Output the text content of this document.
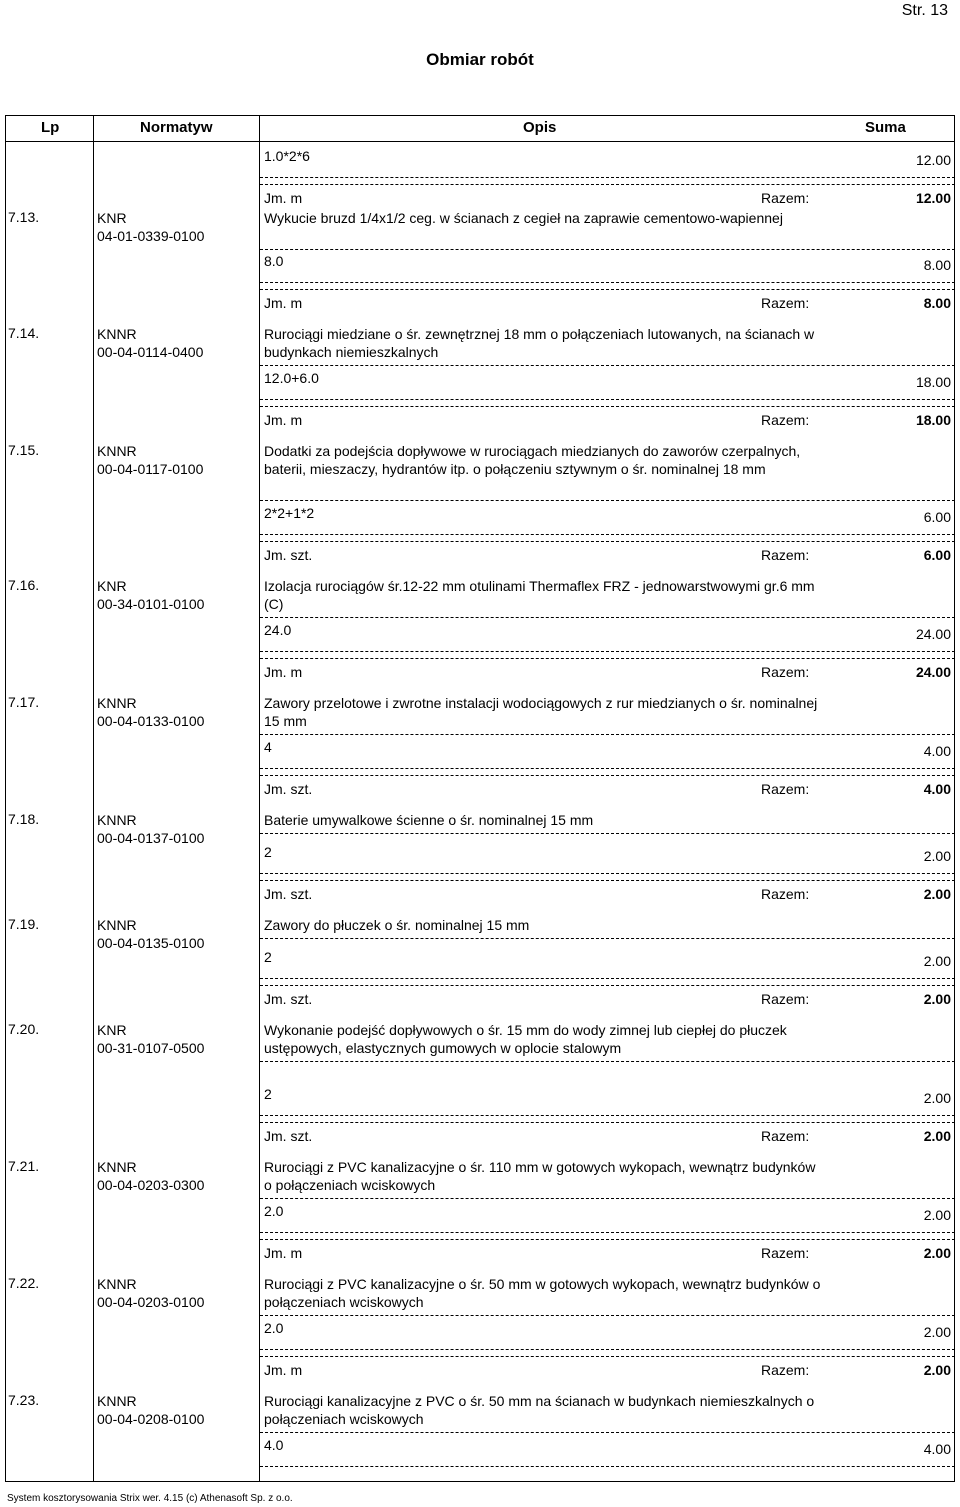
Str. 13
Obmiar robót
Lp	Normatyw	Opis	Suma
1.0*2*6	12.00
Jm. m	Razem:	12.00
7.13.	KNR
04-01-0339-0100
Wykucie bruzd 1/4x1/2 ceg. w ścianach z cegieł na zaprawie cementowo-wapiennej
8.0	8.00
Jm. m	Razem:	8.00
7.14.	KNNR
00-04-0114-0400
Rurociągi miedziane o śr. zewnętrznej 18 mm o połączeniach lutowanych, na ścianach w budynkach niemieszkalnych
12.0+6.0	18.00
Jm. m	Razem:	18.00
7.15.	KNNR
00-04-0117-0100
Dodatki za podejścia dopływowe w rurociągach miedzianych do zaworów czerpalnych, baterii, mieszaczy, hydrantów itp. o połączeniu sztywnym o śr. nominalnej 18 mm
2*2+1*2	6.00
Jm. szt.	Razem:	6.00
7.16.	KNR
00-34-0101-0100
Izolacja rurociągów śr.12-22 mm otulinami Thermaflex FRZ - jednowarstwowymi gr.6 mm (C)
24.0	24.00
Jm. m	Razem:	24.00
7.17.	KNNR
00-04-0133-0100
Zawory przelotowe i zwrotne instalacji wodociągowych z rur miedzianych o śr. nominalnej 15 mm
4	4.00
Jm. szt.	Razem:	4.00
7.18.	KNNR
00-04-0137-0100
Baterie umywalkowe ścienne o śr. nominalnej 15 mm
2	2.00
Jm. szt.	Razem:	2.00
7.19.	KNNR
00-04-0135-0100
Zawory do płuczek o śr. nominalnej 15 mm
2	2.00
Jm. szt.	Razem:	2.00
7.20.	KNR
00-31-0107-0500
Wykonanie podejść dopływowych o śr. 15 mm do wody zimnej lub ciepłej do płuczek ustępowych, elastycznych gumowych w oplocie stalowym
2	2.00
Jm. szt.	Razem:	2.00
7.21.	KNNR
00-04-0203-0300
Rurociągi z PVC kanalizacyjne o śr. 110 mm w gotowych wykopach, wewnątrz budynków o połączeniach wciskowych
2.0	2.00
Jm. m	Razem:	2.00
7.22.	KNNR
00-04-0203-0100
Rurociągi z PVC kanalizacyjne o śr. 50 mm w gotowych wykopach, wewnątrz budynków o połączeniach wciskowych
2.0	2.00
Jm. m	Razem:	2.00
7.23.	KNNR
00-04-0208-0100
Rurociągi kanalizacyjne z PVC o śr. 50 mm na ścianach w budynkach niemieszkalnych o połączeniach wciskowych
4.0	4.00
System kosztorysowania Strix wer. 4.15 (c) Athenasoft Sp. z o.o.
